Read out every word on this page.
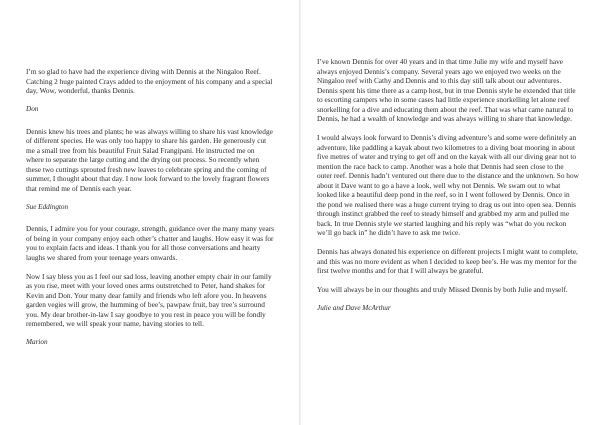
I’m so glad to have had the experience diving with Dennis at the Ningaloo Reef. Catching 2 huge painted Crays added to the enjoyment of his company and a special day, Wow, wonderful, thanks Dennis.

Don

Dennis knew his trees and plants; he was always willing to share his vast knowledge of different species. He was only too happy to share his garden. He generously cut me a small tree from his beautiful Fruit Salad Frangipani. He instructed me on where to separate the large cutting and the drying out process. So recently when these two cuttings sprouted fresh new leaves to celebrate spring and the coming of summer, I thought about that day. I now look forward to the lovely fragrant flowers that remind me of Dennis each year.

Sue Eddington

Dennis, I admire you for your courage, strength, guidance over the many many years of being in your company enjoy each other’s chatter and laughs. How easy it was for you to explain facts and ideas. I thank you for all those conversations and hearty laughs we shared from your teenage years onwards.

Now I say bless you as I feel our sad loss, leaving another empty chair in our family as you rise, meet with your loved ones arms outstretched to Peter, hand shakes for Kevin and Don. Your many dear family and friends who left afore you. In heavens garden vegies will grow, the humming of bee’s, pawpaw fruit, bay tree’s surround you. My dear brother-in-law I say goodbye to you rest in peace you will be fondly remembered, we will speak your name, having stories to tell.

Marion

I’ve known Dennis for over 40 years and in that time Julie my wife and myself have always enjoyed Dennis’s company. Several years ago we enjoyed two weeks on the Ningaloo reef with Cathy and Dennis and to this day still talk about our adventures. Dennis spent his time there as a camp host, but in true Dennis style he extended that title to escorting campers who in some cases had little experience snorkelling let alone reef snorkelling for a dive and educating them about the reef. That was what came natural to Dennis, he had a wealth of knowledge and was always willing to share that knowledge.

I would always look forward to Dennis’s diving adventure’s and some were definitely an adventure, like paddling a kayak about two kilometres to a diving boat mooring in about five metres of water and trying to get off and on the kayak with all our diving gear not to mention the race back to camp. Another was a hole that Dennis had seen close to the outer reef. Dennis hadn’t ventured out there due to the distance and the unknown. So how about it Dave want to go a have a look, well why not Dennis. We swam out to what looked like a beautiful deep pond in the reef, so in I went followed by Dennis. Once in the pond we realised there was a huge current trying to drag us out into open sea. Dennis through instinct grabbed the reef to steady himself and grabbed my arm and pulled me back. In true Dennis style we started laughing and his reply was “what do you reckon we’ll go back in” he didn’t have to ask me twice.

Dennis has always donated his experience on different projects I might want to complete, and this was no more evident as when I decided to keep bee’s. He was my mentor for the first twelve months and for that I will always be grateful.

You will always be in our thoughts and truly Missed Dennis by both Julie and myself.

Julie and Dave McArthur
